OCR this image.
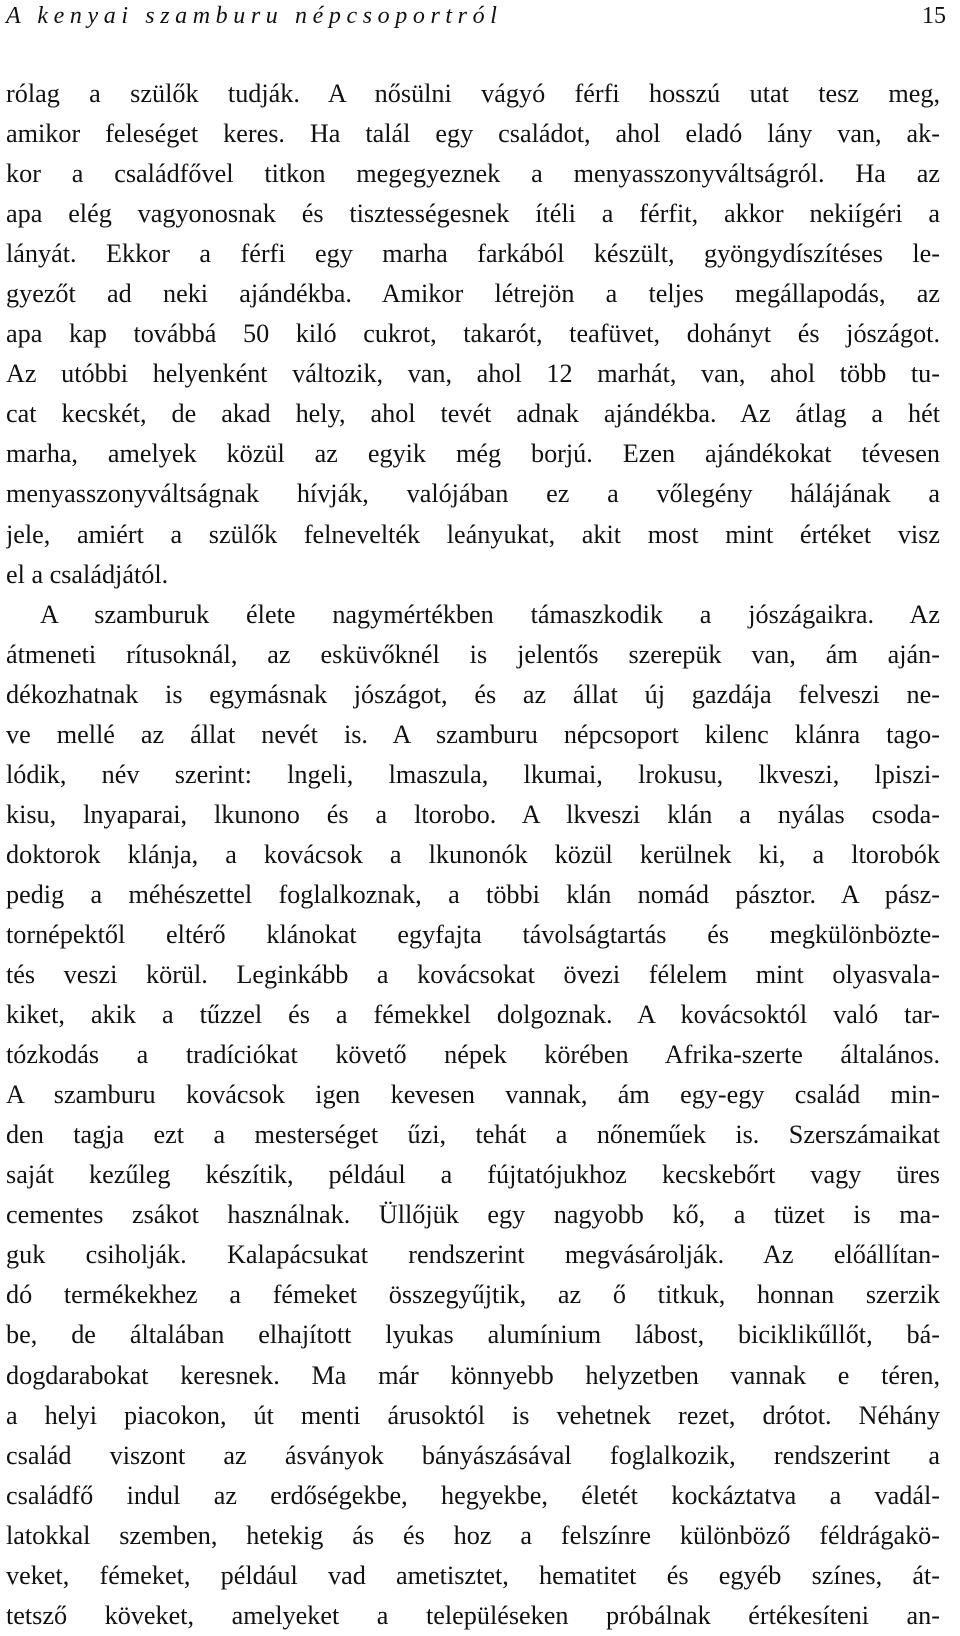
A kenyai szamburu népcsoportról	15
rólag a szülők tudják. A nősülni vágyó férfi hosszú utat tesz meg,
amikor feleséget keres. Ha talál egy családot, ahol eladó lány van, ak-
kor a családfővel titkon megegyeznek a menyasszonyváltságról. Ha az
apa elég vagyonosnak és tisztességesnek ítéli a férfit, akkor nekiígéri a
lányát. Ekkor a férfi egy marha farkából készült, gyöngydíszítéses le-
gyezőt ad neki ajándékba. Amikor létrejön a teljes megállapodás, az
apa kap továbbá 50 kiló cukrot, takarót, teafüvet, dohányt és jószágot.
Az utóbbi helyenként változik, van, ahol 12 marhát, van, ahol több tu-
cat kecskét, de akad hely, ahol tevét adnak ajándékba. Az átlag a hét
marha, amelyek közül az egyik még borjú. Ezen ajándékokat tévesen
menyasszonyváltságnak hívják, valójában ez a vőlegény hálájának a
jele, amiért a szülők felnevelték leányukat, akit most mint értéket visz
el a családjától.
A szamburuk élete nagymértékben támaszkodik a jószágaikra. Az
átmeneti rítusoknál, az esküvőknél is jelentős szerepük van, ám aján-
dékozhatnak is egymásnak jószágot, és az állat új gazdája felveszi ne-
ve mellé az állat nevét is. A szamburu népcsoport kilenc klánra tago-
lódik, név szerint: lngeli, lmaszula, lkumai, lrokusu, lkveszi, lpiszi-
kisu, lnyaparai, lkunono és a ltorobo. A lkveszi klán a nyálas csoda-
doktorok klánja, a kovácsok a lkunonók közül kerülnek ki, a ltorobók
pedig a méhészettel foglalkoznak, a többi klán nomád pásztor. A pász-
tornépektől eltérő klánokat egyfajta távolságtartás és megkülönbözte-
tés veszi körül. Leginkább a kovácsokat övezi félelem mint olyasvala-
kiket, akik a tűzzel és a fémekkel dolgoznak. A kovácsoktól való tar-
tózkodás a tradíciókat követő népek körében Afrika-szerte általános.
A szamburu kovácsok igen kevesen vannak, ám egy-egy család min-
den tagja ezt a mesterséget űzi, tehát a nőneműek is. Szerszámaikat
saját kezűleg készítik, például a fújtatójukhoz kecskebőrt vagy üres
cementes zsákot használnak. Üllőjük egy nagyobb kő, a tüzet is ma-
guk csiholják. Kalapácsukat rendszerint megvásárolják. Az előállítan-
dó termékekhez a fémeket összegyűjtik, az ő titkuk, honnan szerzik
be, de általában elhajított lyukas alumínium lábost, biciklikűllőt, bá-
dogdarabokat keresnek. Ma már könnyebb helyzetben vannak e téren,
a helyi piacokon, út menti árusoktól is vehetnek rezet, drótot. Néhány
család viszont az ásványok bányászásával foglalkozik, rendszerint a
családfő indul az erdőségekbe, hegyekbe, életét kockáztatva a vadál-
latokkal szemben, hetekig ás és hoz a felszínre különböző féldrágakö-
veket, fémeket, például vad ametisztet, hematitet és egyéb színes, át-
tetsző köveket, amelyeket a településeken próbálnak értékesíteni an-
